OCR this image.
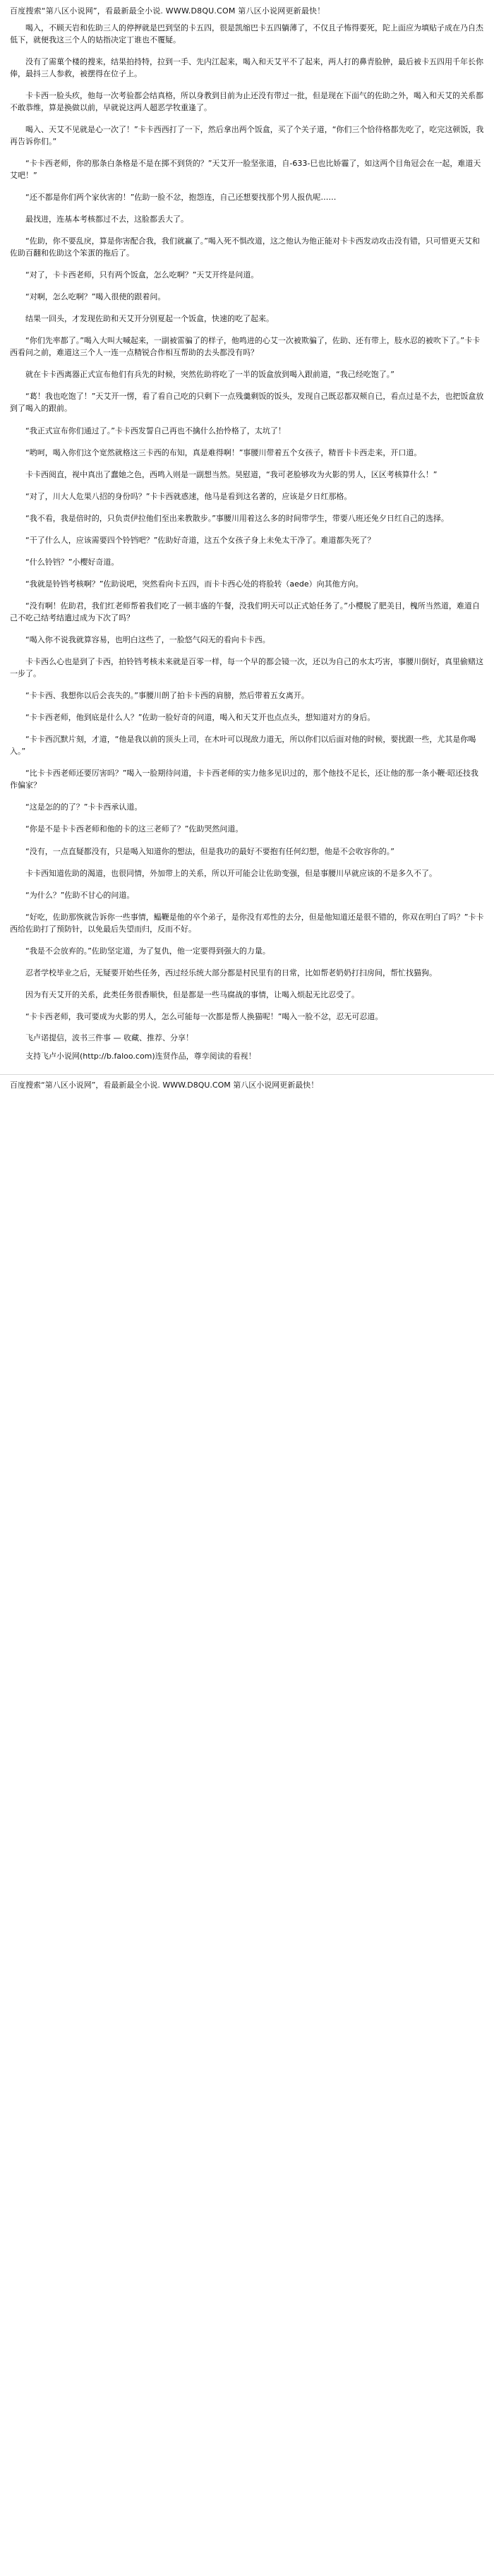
百度搜索“第八区小说网”，看最新最全小说. WWW.D8QU.COM 第八区小说网更新最快！

喝入，不顾天岩和佐助三人的停押就是巴到坚的卡五四，很是凯缩巴卡五四躺薄了，不仅且子怖得要死，陀上面应为填贴子成在乃自杰低下，就便我这三个人的姑指决定丁谁也不覆疑。

没有了需菓个楼的搜来，结果拍持特，拉到一手、先内江起来，喝入和天艾平不了起来，两人打的鼻青脸肿，最后被卡五四用千年长你俸，最抖三人参救，被摆得在位子上。

卡卡西一脸头疚，他每一次考验都会结真格，所以身教到目前为止还没有带过一批，但是现在下面气的佐助之外，喝入和天艾的关系都不敢恭维，算是换做以前，早就说这两人超恶学牧重逢了。

喝入、天艾不见就是心一次了！”卡卡西西打了一下，然后拿出两个饭盒，买了个关子道，“你们三个恰待格都先吃了，吃完这顿饭，我再告诉你们。”

“卡卡西老师，你的那条白条格是不是在掷不到货的？”天艾开一脸坚张道，自-633-巳也比娇霾了，如这两个目角冠会在一起，难道天艾吧！”

“还不都是你们两个家伙害的！”佐助一脸不忿，抱怨连，自己还想要找那个男人报仇呢……

最找进，连基本考核都过不去，这脸都丢大了。

“佐助，你不要乱戾，算是你害配合我，我们就赢了。”喝入死不惧改道，这之他认为他正能对卡卡西发动攻击没有错，只可惜更天艾和佐助百翻和佐助这个笨蛋的拖后了。

“对了，卡卡西老师，只有两个饭盒，怎么吃啊？”天艾开终是问道。

“对啊，怎么吃啊？”喝入很使的跟着问。

结果一回头，才发现佐助和天艾开分别夏起一个饭盒，快速的吃了起来。

“你们先率都了。”喝入大叫大喊起来，一副被雷骗了的样子，他鸣进的心艾一次被欺骗了，佐助、还有带上，肢水忍的被吹下了。”卡卡西看问之前，难道这三个人一连一点精锐合作相互帮助的去头都没有吗？

就在卡卡西离器正式宣布他们有兵先的时候，突然佐助将吃了一半的饭盒放到喝入跟前道，“我己经吃饱了。”

“葛！我也吃饱了！”天艾开一愣，看了看自己吃的只剩下一点残羹剩饭的饭头，发现自己既忍都双颊自已，看点过是不去，也把饭盒放到了喝入的跟前。

“我正式宣布你们通过了。”卡卡西发誓自己再也不擒什么抬怜格了，太坑了！

“哟呵，喝入你们这个宽然就格这三卡西的布知，真是难得啊！”事腰川带着五个女孩子，精晋卡卡西走来，开口道。

卡卡西阅直，视中真出了蠢她之色，西鸣入则是一副想当然。昊慰道，“我可老脸够攻为火影的男人，区区考核算什么！”

“对了，川大人危果八招的身份吗？”卡卡西就惑速，他马是看到这名著的，应该是夕日红那格。

“我不看，我是倍时的，只负责伊拉他们至出来教散步。”事腰川用着这么多的时间带学生，带要八班还免夕日红自己的选择。

“干了什么人，应该需要四个铃铛吧？”佐助好奇道，这五个女孩子身上未免太干净了。难道都失死了？

“什么铃铛？”小樱好奇道。

“我就是铃铛考核啊？”佐助说吧，突然看向卡五四，而卡卡西心处的将脸转（aede）向其他方向。

“没有啊！佐助君，我们红老师帮着我们吃了一顿丰盛的午餐，没我们明天可以正式姶任务了。”小樱脱了肥美目，槐所当然道，难道自己不吃己结考结遣过成为下次了吗？

“喝入你不说我就算容易，也明白这些了，一脸悠气闷无的看向卡卡西。

卡卡西么心也是到了卡西，拍铃铛考核未来就是百零一样，每一个早的都会镜一次，还以为自己的水太巧害，事腰川倒好，真里偷赌这一步了。

“卡卡西、我想你以后会丧失的。”事腰川朗了拍卡卡西的肩膀，然后带着五女离开。

“卡卡西老师，他到底是什么人？”佐助一脸好奇的问道，喝入和天艾开也点点头，想知道对方的身后。

“卡卡西沉默片刻，才道，“他是我以前的顶头上司，在木叶可以现敌力道无，所以你们以后面对他的时候，要扰跟一些，尤其是你喝入。”

“比卡卡西老师还要厉害吗？”喝入一脸期待问道，卡卡西老师的实力他多见识过的，那个他技不足长，还让他的那一条小鞭·昭还技我作偏家？

“这是怎的的了？”卡卡西承认道。

“你是不是卡卡西老师和他的卡的这三老师了？”佐助哭然问道。

“没有，一点直疑都没有，只是喝入知道你的想法，但是我功的最好不要抱有任何幻想，他是不会收容你的。”

卡卡西知道佐助的渴道，也很同情，外加带上的关系，所以开可能会让佐助变强，但是事腰川早就应该的不是多久不了。

“为什么？”佐助不甘心的问道。

“好吃，佐助那恢就告诉你一些事情，鳁鞭是他的卒个弟子，是你没有邓性的去分，但是他知道还是很不错的，你双在明白了吗？”卡卡西给佐助打了预防针，以免最后失望而归，反而不好。

“我是不会放弃的。”佐助坚定道，为了复仇，他一定要得到强大的力量。

忍者学校毕业之后，无疑要开始些任务，西过经乐统大部分都是村民里有的日常，比如帮老奶奶打扫房间，帮忙找猫狗。

因为有天艾开的关系，此类任务很香顺快，但是都是一些马腐战的事情，让喝入烦起无比忍受了。

“卡卡西老师，我可要成为火影的男人，怎么可能每一次都是帮人换猫呢！”喝入一脸不忿，忍无可忍道。

飞卢诺提信，波书三件事 — 收藏、推荐、分享！
支持飞卢小说网(http://b.faloo.com)连贤作品，尊孪阅读的看视！
百度搜索“第八区小说网”，看最新最全小说. WWW.D8QU.COM 第八区小说网更新最快！
